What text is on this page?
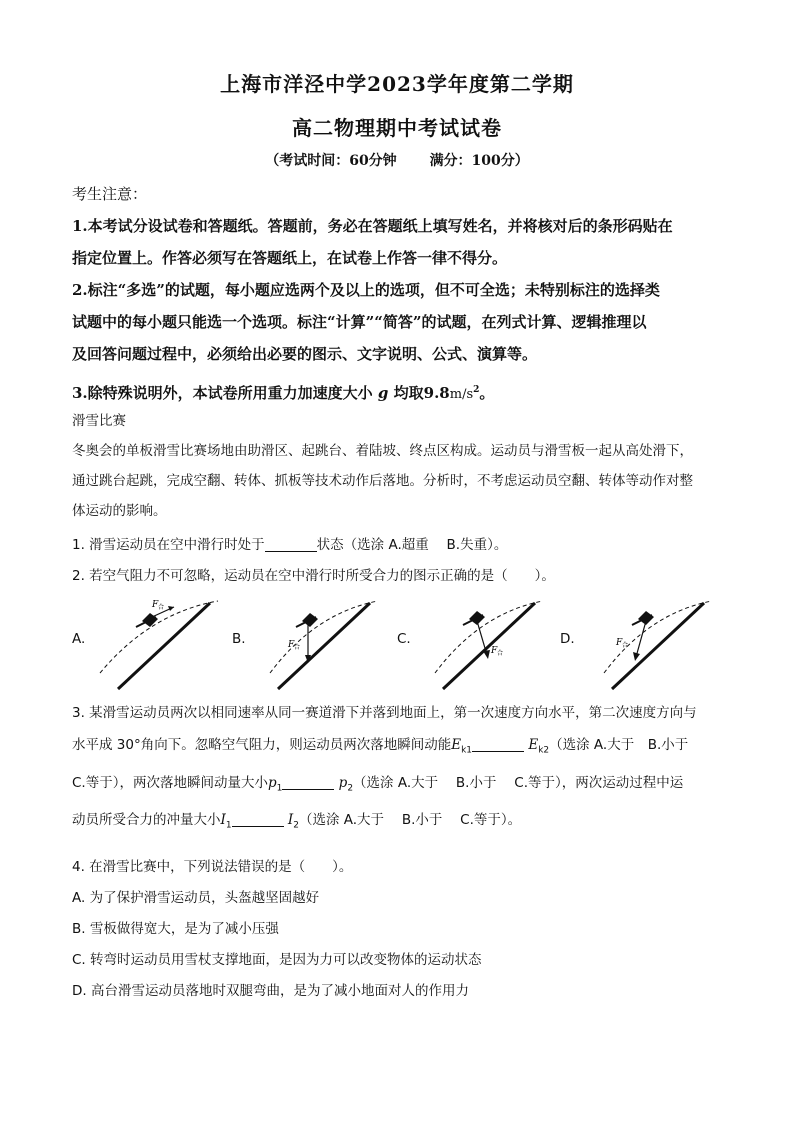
上海市洋泾中学2023学年度第二学期
高二物理期中考试试卷
（考试时间：60分钟 满分：100分）

考生注意：

1.本考试分设试卷和答题纸。答题前，务必在答题纸上填写姓名，并将核对后的条形码贴在

指定位置上。作答必须写在答题纸上，在试卷上作答一律不得分。

2.标注“多选”的试题，每小题应选两个及以上的选项，但不可全选；未特别标注的选择类

试题中的每小题只能选一个选项。标注“计算”“简答”的试题，在列式计算、逻辑推理以

及回答问题过程中，必须给出必要的图示、文字说明、公式、演算等。

3.除特殊说明外，本试卷所用重力加速度大小 g 均取$9.8m/s^2$。

滑雪比赛

冬奥会的单板滑雪比赛场地由助滑区、起跳台、着陆坡、终点区构成。运动员与滑雪板一起从高处滑下，

通过跳台起跳，完成空翻、转体、抓板等技术动作后落地。分析时，不考虑运动员空翻、转体等动作对整

体运动的影响。

1. 滑雪运动员在空中滑行时处于	状态（选涂 A.超重　 B.失重）。

2. 若空气阻力不可忽略，运动员在空中滑行时所受合力的图示正确的是（　　）。

A.
F 合
B.	F 合
C.
F 合
D.	F 合

3. 某滑雪运动员两次以相同速率从同一赛道滑下并落到地面上，第一次速度方向水平，第二次速度方向与

水平成 30°角向下。忽略空气阻力，则运动员两次落地瞬间动能$E_{k1}$	$E_{k2}$（选涂 A.大于　B.小于

C.等于），两次落地瞬间动量大小$p_1$	$p_2$（选涂 A.大于　 B.小于　 C.等于），两次运动过程中运

动员所受合力的冲量大小$I_1$	$I_2$（选涂 A.大于　 B.小于　 C.等于）。

4. 在滑雪比赛中，下列说法错误的是（　　）。

A. 为了保护滑雪运动员，头盔越坚固越好

B. 雪板做得宽大，是为了减小压强

C. 转弯时运动员用雪杖支撑地面，是因为力可以改变物体的运动状态

D. 高台滑雪运动员落地时双腿弯曲，是为了减小地面对人的作用力
